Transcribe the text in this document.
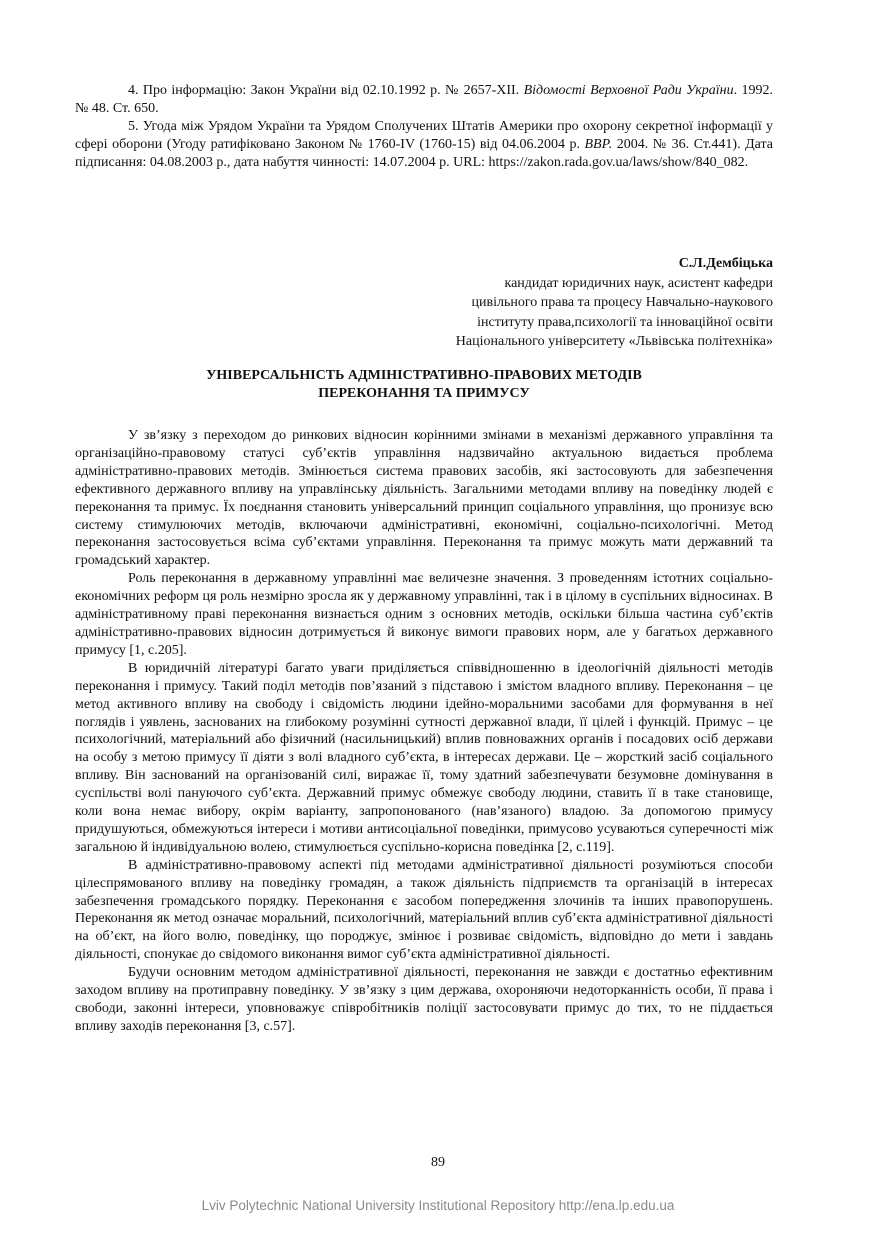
4. Про інформацію: Закон України від 02.10.1992 р. № 2657-XII. Відомості Верховної Ради України. 1992. № 48. Ст. 650.

5. Угода між Урядом України та Урядом Сполучених Штатів Америки про охорону секретної інформації у сфері оборони (Угоду ратифіковано Законом № 1760-IV (1760-15) від 04.06.2004 р. ВВР. 2004. № 36. Ст.441). Дата підписання: 04.08.2003 р., дата набуття чинності: 14.07.2004 р. URL: https://zakon.rada.gov.ua/laws/show/840_082.

С.Л.Дембіцька
кандидат юридичних наук, асистент кафедри
цивільного права та процесу Навчально-наукового
інституту права,психології та інноваційної освіти
Національного університету «Львівська політехніка»
УНІВЕРСАЛЬНІСТЬ АДМІНІСТРАТИВНО-ПРАВОВИХ МЕТОДІВ
ПЕРЕКОНАННЯ ТА ПРИМУСУ

У зв’язку з переходом до ринкових відносин корінними змінами в механізмі державного управління та організаційно-правовому статусі суб’єктів управління надзвичайно актуальною видається проблема адміністративно-правових методів. Змінюється система правових засобів, які застосовують для забезпечення ефективного державного впливу на управлінську діяльність. Загальними методами впливу на поведінку людей є переконання та примус. Їх поєднання становить універсальний принцип соціального управління, що пронизує всю систему стимулюючих методів, включаючи адміністративні, економічні, соціально-психологічні. Метод переконання застосовується всіма суб’єктами управління. Переконання та примус можуть мати державний та громадський характер.

Роль переконання в державному управлінні має величезне значення. З проведенням істотних соціально-економічних реформ ця роль незмірно зросла як у державному управлінні, так і в цілому в суспільних відносинах. В адміністративному праві переконання визнається одним з основних методів, оскільки більша частина суб’єктів адміністративно-правових відносин дотримується й виконує вимоги правових норм, але у багатьох державного примусу [1, с.205].

В юридичній літературі багато уваги приділяється співвідношенню в ідеологічній діяльності методів переконання і примусу. Такий поділ методів пов’язаний з підставою і змістом владного впливу. Переконання – це метод активного впливу на свободу і свідомість людини ідейно-моральними засобами для формування в неї поглядів і уявлень, заснованих на глибокому розумінні сутності державної влади, її цілей і функцій. Примус – це психологічний, матеріальний або фізичний (насильницький) вплив повноважних органів і посадових осіб держави на особу з метою примусу її діяти з волі владного суб’єкта, в інтересах держави. Це – жорсткий засіб соціального впливу. Він заснований на організованій силі, виражає її, тому здатний забезпечувати безумовне домінування в суспільстві волі пануючого суб’єкта. Державний примус обмежує свободу людини, ставить її в таке становище, коли вона немає вибору, окрім варіанту, запропонованого (нав’язаного) владою. За допомогою примусу придушуються, обмежуються інтереси і мотиви антисоціальної поведінки, примусово усуваються суперечності між загальною й індивідуальною волею, стимулюється суспільно-корисна поведінка [2, с.119].

В адміністративно-правовому аспекті під методами адміністративної діяльності розуміються способи цілеспрямованого впливу на поведінку громадян, а також діяльність підприємств та організацій в інтересах забезпечення громадського порядку. Переконання є засобом попередження злочинів та інших правопорушень. Переконання як метод означає моральний, психологічний, матеріальний вплив суб’єкта адміністративної діяльності на об’єкт, на його волю, поведінку, що породжує, змінює і розвиває свідомість, відповідно до мети і завдань діяльності, спонукає до свідомого виконання вимог суб’єкта адміністративної діяльності.

Будучи основним методом адміністративної діяльності, переконання не завжди є достатньо ефективним заходом впливу на протиправну поведінку. У зв’язку з цим держава, охороняючи недоторканність особи, її права і свободи, законні інтереси, уповноважує співробітників поліції застосовувати примус до тих, то не піддається впливу заходів переконання [3, с.57].

89
Lviv Polytechnic National University Institutional Repository http://ena.lp.edu.ua
